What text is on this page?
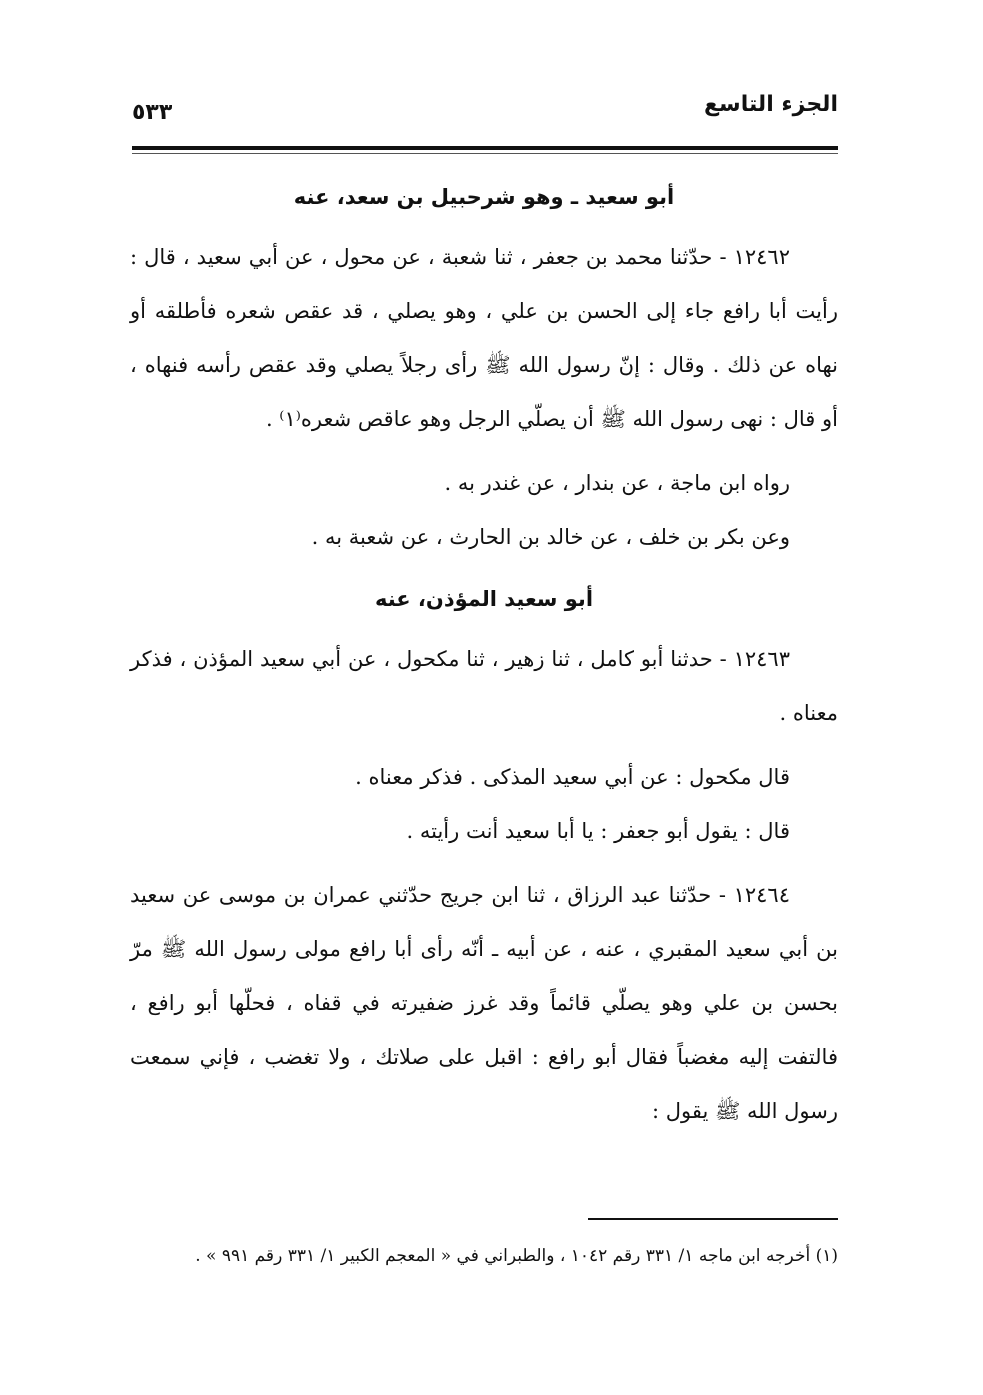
الجزء التاسع
٥٣٣
أبو سعيد ـ وهو شرحبيل بن سعد، عنه

١٢٤٦٢ - حدّثنا محمد بن جعفر ، ثنا شعبة ، عن محول ، عن أبي سعيد ، قال : رأيت أبا رافع جاء إلى الحسن بن علي ، وهو يصلي ، قد عقص شعره فأطلقه أو نهاه عن ذلك . وقال : إنّ رسول الله ﷺ رأى رجلاً يصلي وقد عقص رأسه فنهاه ، أو قال : نهى رسول الله ﷺ أن يصلّي الرجل وهو عاقص شعره⁽١⁾ .

رواه ابن ماجة ، عن بندار ، عن غندر به .

وعن بكر بن خلف ، عن خالد بن الحارث ، عن شعبة به .

أبو سعيد المؤذن، عنه

١٢٤٦٣ - حدثنا أبو كامل ، ثنا زهير ، ثنا مكحول ، عن أبي سعيد المؤذن ، فذكر معناه .

قال مكحول : عن أبي سعيد المذكى . فذكر معناه .

قال : يقول أبو جعفر : يا أبا سعيد أنت رأيته .

١٢٤٦٤ - حدّثنا عبد الرزاق ، ثنا ابن جريج حدّثني عمران بن موسى عن سعيد بن أبي سعيد المقبري ، عنه ، عن أبيه ـ أنّه رأى أبا رافع مولى رسول الله ﷺ مرّ بحسن بن علي وهو يصلّي قائماً وقد غرز ضفيرته في قفاه ، فحلّها أبو رافع ، فالتفت إليه مغضباً فقال أبو رافع : اقبل على صلاتك ، ولا تغضب ، فإني سمعت رسول الله ﷺ يقول :

(١) أخرجه ابن ماجه ١/ ٣٣١ رقم ١٠٤٢ ، والطبراني في « المعجم الكبير ١/ ٣٣١ رقم ٩٩١ » .
